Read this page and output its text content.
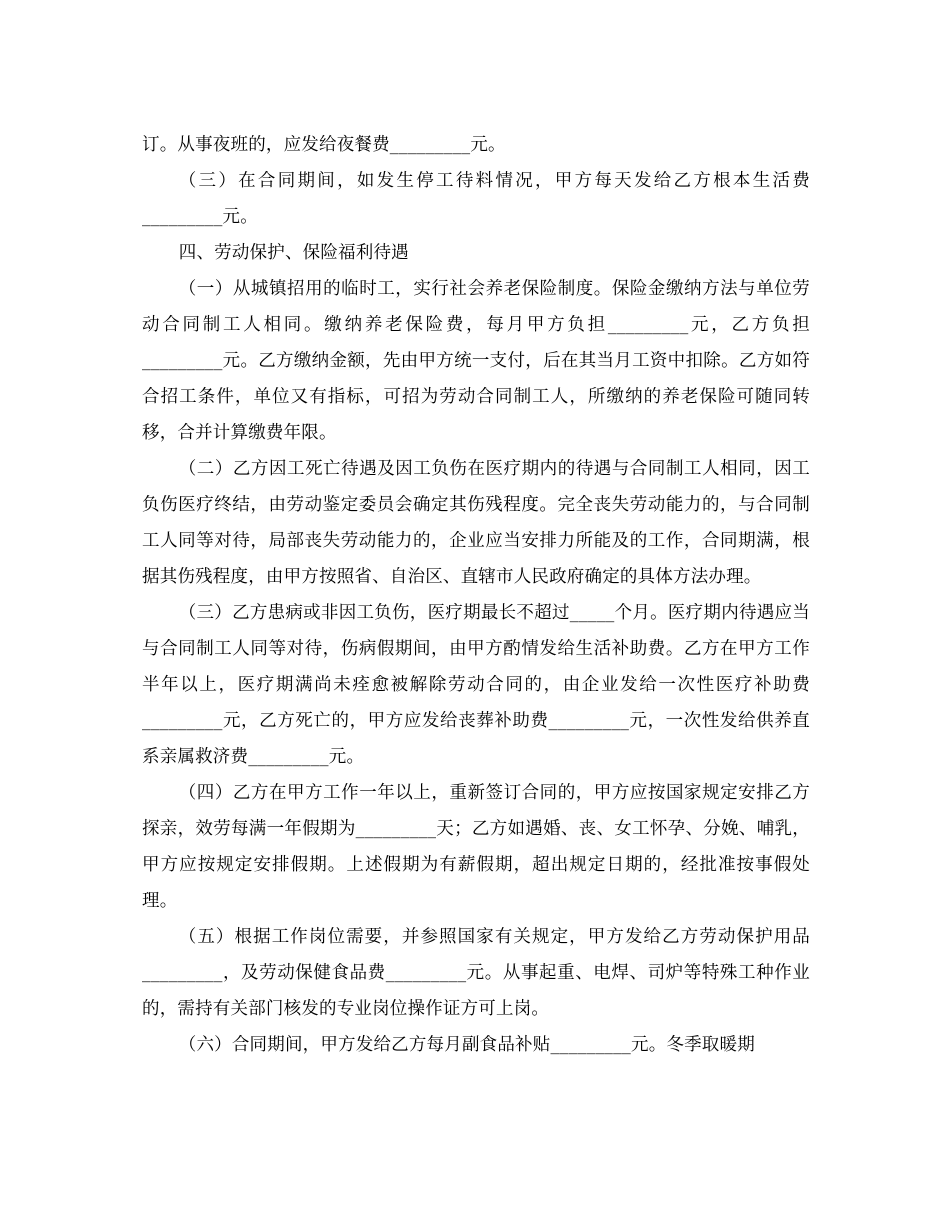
订。从事夜班的，应发给夜餐费_________元。

（三）在合同期间，如发生停工待料情况，甲方每天发给乙方根本生活费_________元。

四、劳动保护、保险福利待遇

（一）从城镇招用的临时工，实行社会养老保险制度。保险金缴纳方法与单位劳动合同制工人相同。缴纳养老保险费，每月甲方负担_________元，乙方负担_________元。乙方缴纳金额，先由甲方统一支付，后在其当月工资中扣除。乙方如符合招工条件，单位又有指标，可招为劳动合同制工人，所缴纳的养老保险可随同转移，合并计算缴费年限。

（二）乙方因工死亡待遇及因工负伤在医疗期内的待遇与合同制工人相同，因工负伤医疗终结，由劳动鉴定委员会确定其伤残程度。完全丧失劳动能力的，与合同制工人同等对待，局部丧失劳动能力的，企业应当安排力所能及的工作，合同期满，根据其伤残程度，由甲方按照省、自治区、直辖市人民政府确定的具体方法办理。

（三）乙方患病或非因工负伤，医疗期最长不超过_____个月。医疗期内待遇应当与合同制工人同等对待，伤病假期间，由甲方酌情发给生活补助费。乙方在甲方工作半年以上，医疗期满尚未痊愈被解除劳动合同的，由企业发给一次性医疗补助费_________元，乙方死亡的，甲方应发给丧葬补助费_________元，一次性发给供养直系亲属救济费_________元。

（四）乙方在甲方工作一年以上，重新签订合同的，甲方应按国家规定安排乙方探亲，效劳每满一年假期为_________天；乙方如遇婚、丧、女工怀孕、分娩、哺乳，甲方应按规定安排假期。上述假期为有薪假期，超出规定日期的，经批准按事假处理。

（五）根据工作岗位需要，并参照国家有关规定，甲方发给乙方劳动保护用品_________，及劳动保健食品费_________元。从事起重、电焊、司炉等特殊工种作业的，需持有关部门核发的专业岗位操作证方可上岗。

（六）合同期间，甲方发给乙方每月副食品补贴_________元。冬季取暖期
